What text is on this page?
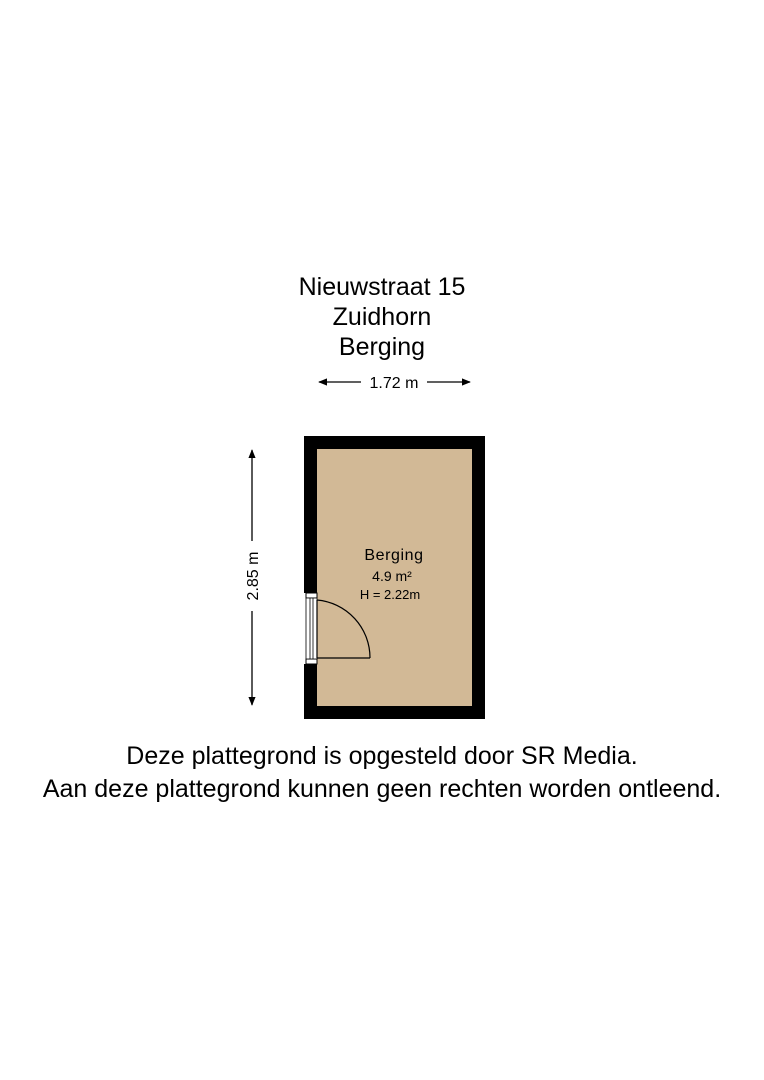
Nieuwstraat 15
Zuidhorn
Berging
1.72 m
2.85 m	Berging
4.9 m²
H = 2.22m
Deze plattegrond is opgesteld door SR Media.
Aan deze plattegrond kunnen geen rechten worden ontleend.
